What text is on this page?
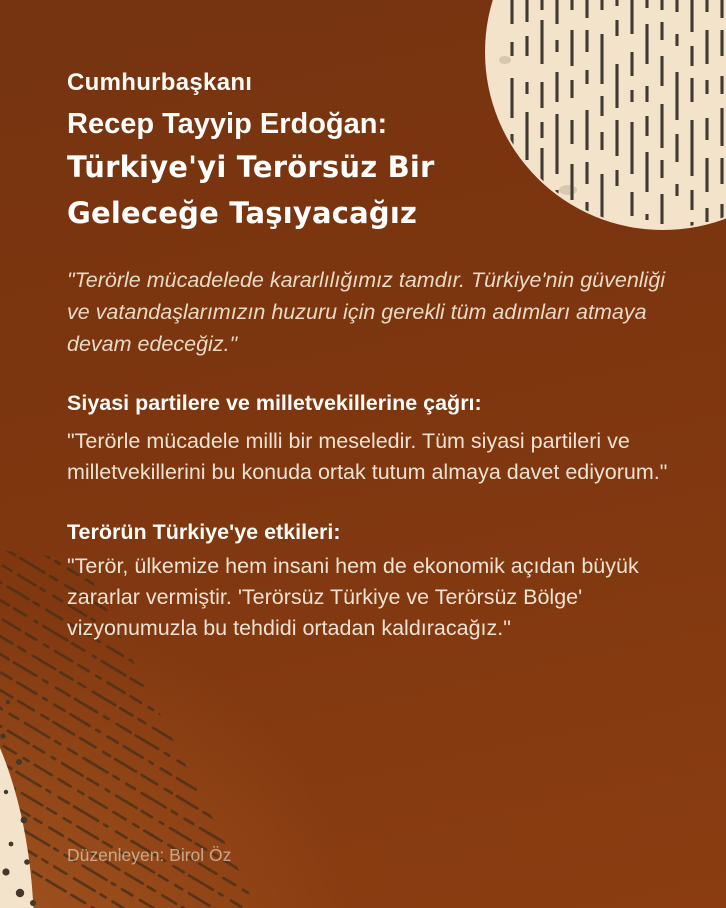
Cumhurbaşkanı
Recep Tayyip Erdoğan:
Türkiye'yi Terörsüz Bir
Geleceğe Taşıyacağız
"Terörle mücadelede kararlılığımız tamdır. Türkiye'nin güvenliği ve vatandaşlarımızın huzuru için gerekli tüm adımları atmaya devam edeceğiz."

Siyasi partilere ve milletvekillerine çağrı:

"Terörle mücadele milli bir meseledir. Tüm siyasi partileri ve milletvekillerini bu konuda ortak tutum almaya davet ediyorum."

Terörün Türkiye'ye etkileri:

"Terör, ülkemize hem insani hem de ekonomik açıdan büyük zararlar vermiştir. 'Terörsüz Türkiye ve Terörsüz Bölge' vizyonumuzla bu tehdidi ortadan kaldıracağız."

Düzenleyen: Birol Öz
